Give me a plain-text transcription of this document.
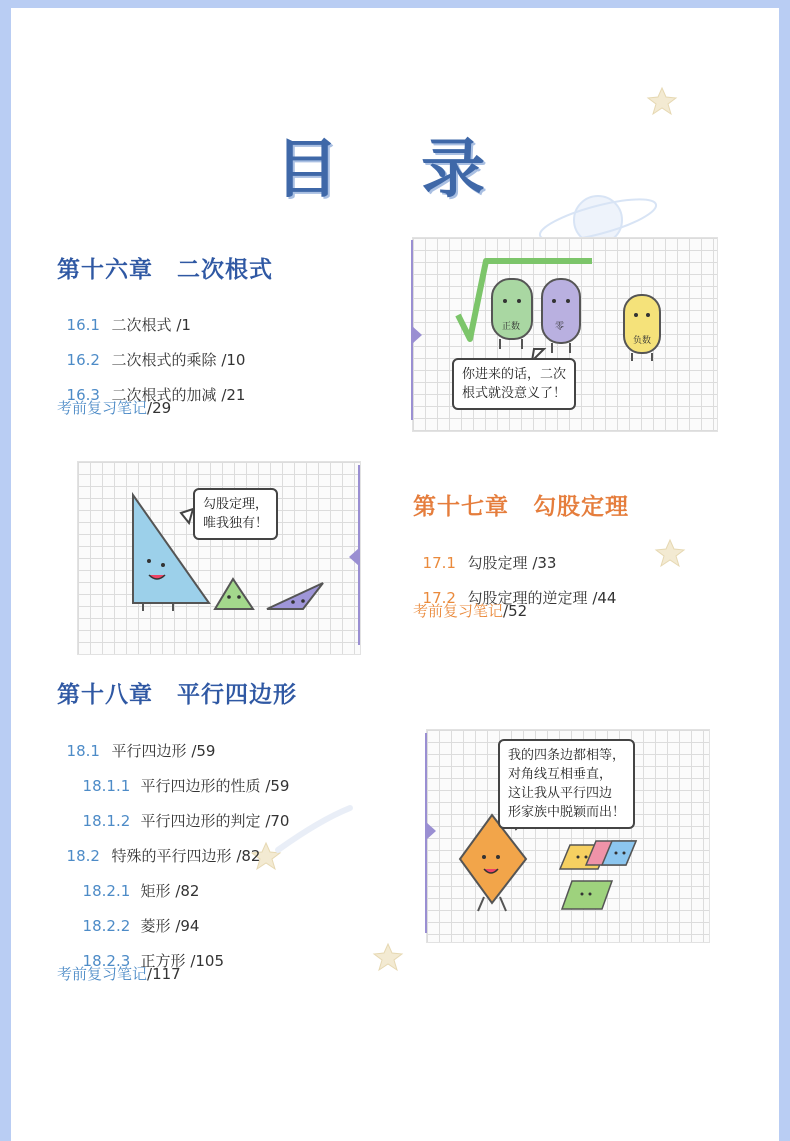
目 录
第十六章　二次根式

16.1 二次根式 /1

16.2 二次根式的乘除 /10

16.3 二次根式的加减 /21

考前复习笔记/29
正数	零
负数
你进来的话，二次
根式就没意义了！
勾股定理，
唯我独有！
第十七章　勾股定理

17.1 勾股定理 /33

17.2 勾股定理的逆定理 /44

考前复习笔记/52
第十八章　平行四边形

18.1 平行四边形 /59

18.1.1 平行四边形的性质 /59

18.1.2 平行四边形的判定 /70

18.2 特殊的平行四边形 /82

18.2.1 矩形 /82

18.2.2 菱形 /94

18.2.3 正方形 /105

考前复习笔记/117
我的四条边都相等，
对角线互相垂直，
这让我从平行四边
形家族中脱颖而出！
